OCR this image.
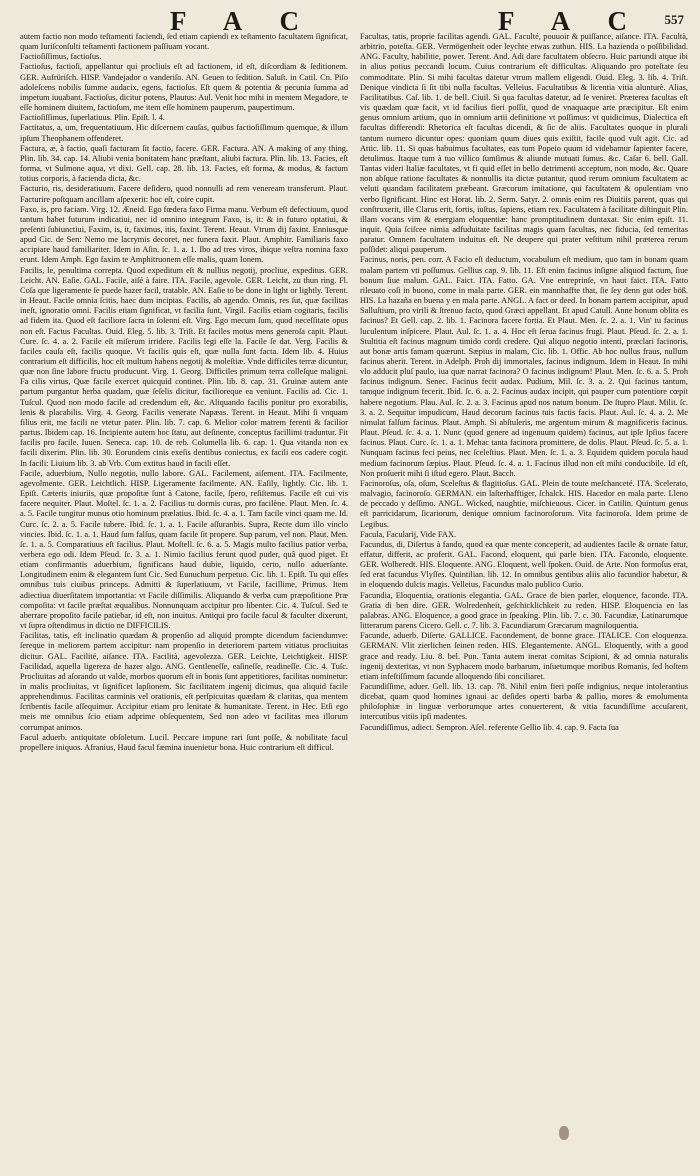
F A C	F A C 557

autem factio non modo teſtamenti faciendi, ſed etiam capiendi ex teſtamento facultatem ſignificat, quam Iuriſconſulti teſtamenti factionem paſſiuam vocant.

Factioſiſſimus, factioſus.

Factioſus, factioſi, appellantur qui procliuis eſt ad factionem, id eſt, diſcordiam & ſeditionem. GER. Aufrüriſch. HISP. Vandejador o vanderiſo. AN. Geuen to ſedition. Saluſt. in Catil. Cn. Piſo adoleſcens nobilis ſumme audacix, egens, factioſus. Eſt quem & potentia & pecunia ſumma ad impetum iuuabant. Factioſus, dicitur potens, Plautus: Aul. Venit hoc mihi in mentem Megadore, te eſſe hominem diuitem, factioſum, me item eſſe hominem pauperum, paupertimum.

Factioſiſſimus, ſuperlatiuus. Plin. Epiſt. l. 4.

Factitatus, a, um, frequentatiuum. Hic diſcernem cauſas, quibus factioſiſſimum quemque, & illum ipſum Theophanem offenderet.

Factura, æ, à factio, quaſi facturam ſit factio, facere. GER. Factura. AN. A making of any thing. Plin. lib. 34. cap. 14. Aliubi venia bonitatem hanc præſtant, aliubi factura. Plin. lib. 13. Facies, eſt forma, vt Sulmone aqua, vt dixi. Gell. cap. 28. lib. 13. Facies, eſt forma, & modus, & factum totius corporis, à facienda dicta, &c.

Facturio, ris, desideratiuum. Facere deſidero, quod nonnulli ad rem veneream transferunt. Plaut. Facturire poſtquam ancillam aſpexerit: hoc eſt, coire cupit.

Faxo, is, pro faciam. Virg. 12. Æneid. Ego fœdera faxo Firma manu. Verbum eſt defectiuum, quod tantum habet futurum indicatiui, nec id omnino integrum Faxo, is, it: & in futuro optatiui, & preſenti ſubiunctiui, Faxim, is, it, faximus, itis, faxint. Terent. Heaut. Vtrum dij faxint. Enniusque apud Cic. de Sen: Nemo me lacrymis decoret, nec funera faxit. Plaut. Amphitr. Familiaris faxo accipiare haud familiariter. Idem in Aſin. ſc. 1. a. 1. Ibo ad tres viros, ibique veſtra nomina faxo erunt. Idem Amph. Ego faxim te Amphitruonem eſſe malis, quam Ionem.

Facilis, le, penultima correpta. Quod expeditum eſt & nullius negotij, procliue, expeditus. GER. Leicht. AN. Eaſie. GAL. Facile, aiſé à faire. ITA. Facile, agevole. GER. Leicht, zu thun ring. Fl. Coſa que ligeramente ſe puede hazer facil, tratable. AN. Eaſie to be done in light or lightly. Terent. in Heaut. Facile omnia ſcitis, haec dum incipias. Facilis, ab agendo. Omnis, res ſut, quæ facilitas ineſt, ignoratio omni. Facilis etiam ſignificat, vt facilia ſunt, Virgil. Facilis etiam cogitaris, facilis ad fidem ita. Quod eſt faciliore ſacra in ſolenni eſt. Virg. Ego mecum ſum, quod neceſſitate opus non eſt. Factus Facultas. Ouid. Eleg. 5. lib. 3. Triſt. Et faciles motus mens generoſa capit. Plaut. Cure. ſc. 4. a. 2. Facile eſt miſerum irridere. Facilis legi eſſe la. Facile ſe dat. Verg. Facilis & faciles cauſa eſt, facilis quoque. Vt facilis quis eſt, quæ nulla ſunt facta. Idem lib. 4. Huius contrarium eſt difficilis, hoc eſt multum habens negotij & moleſtiæ. Vnde difficiles terræ dicuntur, quæ non ſine labore fructu producunt. Virg. 1. Georg. Difficiles primum terra colleſque maligni. Fa cilis virtus, Quæ facile exercet quicquid continet. Plin. lib. 8. cap. 31. Gruinæ autem ante partum purgantur herba quadam, quæ ſeſelis dicitur, facilioreque ea veniunt. Facilis ad. Cic. 1. Tuſcul. Quod non modo facile ad credendum eſt, &c. Aliquando facilis ponitur pro exorabilis, lenis & placabilis. Virg. 4. Georg. Facilis venerate Napæas. Terent. in Heaut. Mihi ſi vnquam filius erit, me facili ne vtetur pater. Plin. lib. 7. cap. 6. Melior color matrem ferenti & facilior partus. Ibidem cap. 16. Incipiente autem hoc ſtatu, aut deſinente, conceptus facillimi traduntur. Fit facilis pro facile. Iuuen. Seneca. cap. 10. de reb. Columella lib. 6. cap. 1. Qua vitanda non ex facili dixerim. Plin. lib. 30. Eorundem cinis exeſis dentibus coniectus, ex facili eos cadere cogit. In facili: Liuium lib. 3. ab Vrb. Cum extitus haud in facili eſſet.

Facile, aduerbium, Nullo negotio, nullo labore. GAL. Facilement, aiſement. ITA. Facilmente, agevolmente. GER. Leichtlich. HISP. Ligeramente facilmente. AN. Eaſily, lightly. Cic. lib. 1. Epiſt. Cæteris iniuriis, quæ propoſitæ ſunt à Catone, facile, ſpero, reſiſtemus. Facile eſt cui vis facere nequiter. Plaut. Moſtel. ſc. 1. a. 2. Facilius tu dormis curas, pro facilène. Plaut. Men. ſc. 4. a. 5. Facile tungitur munus otio hominum prælatius. Ibid. ſc. 4. a. 1. Tam facile vinci quam me. Id. Curc. ſc. 2. a. 5. Facile tubere. Ibid. ſc. 1. a. 1. Facile aſſuranbis. Supra, Recte dum illo vinclo vincies. Ibid. ſc. 1. a. 1. Haud ſum falſus, quam facile ſit propere. Sup parum, vel non. Plaut. Men. ſc. 1. a. 5. Comparatiuus eſt facilius. Plaut. Moſtell. ſc. 6. a. 5. Magis multo facilius patior verba, verbera ego odi. Idem Pſeud. ſc. 3. a. 1. Nimio facilius ferunt quod puder, quâ quod piget. Et etiam confirmantis aduerbium, ſignificans haud dubie, liquido, certo, nullo aduerſante. Longitudinem enim & elegantem ſunt Cic. Sed Eunuchum perpetuo. Cic. lib. 1. Epiſt. Tu qui eſſes omnibus tuis ciuibus princeps. Admitti & ſuperlatiuum, vt Facile, facillime, Primus. Item adiectiua diuerſitatem importantia: vt Facile diſſimilis. Aliquando & verba cum præpoſitione Præ compoſita: vt facile præſtat æqualibus. Nonnunquam accipitur pro libenter. Cic. 4. Tuſcul. Sed te aberrare propoſito facile patiebar, id eſt, non inuitus. Antiqui pro facile facul & faculter dixerunt, vt ſupra oſtendimus in dictio ne DIFFICILIS.

Facilitas, tatis, eſt inclinatio quædam & propenſio ad aliquid prompte dicendum faciendumve: ſereque in meliorem partem accipitur: nam propenſio in deteriorem partem vitiatus procliuitas dicitur. GAL. Facilité, aiſance. ITA. Facilità, agevolezza. GER. Leichte, Leichtigkeit. HISP. Facilidad, aquella ligereza de hazer algo. ANG. Gentleneſſe, eaſineſſe, readineſſe. Cic. 4. Tuſc. Procliuitas ad aſorando ut valde, morbos quorum eſt in bonis ſunt appetitiores, facilitas nominetur: in malis procliuitas, vt ſignificet lapſionem. Sic facilitatem ingenij dicimus, qua aliquid facile apprehendimus. Facilitas carminis vel orationis, eſt perſpicuitas quædam & claritas, qua mentem ſcribentis facile aſſequimur. Accipitur etiam pro lenitate & humanitate. Terent. in Hec. Etſi ego meis me omnibus ſcio etiam adprime obſequentem, Sed non adeo vt facilitas mea illorum corrumpat animos.

Facul aduerb. antiquitate obſoletum. Lucil. Peccare impune rari ſunt poſſe, & nobilitate facul propellere iniquos. Afranius, Haud facul fæmina inuenietur bona. Huic contrarium eſt difficul.

Facultas, tatis, proprie facilitas agendi. GAL. Faculté, pouuoir & puiſſance, aiſance. ITA. Facultà, arbitrio, poteſta. GER. Vermögenheit oder leychte etwas zuthun. HIS. La hazienda o poſſibilidad. ANG. Faculty, habilitie, power. Terent. And. Adi dare facultatem obſecro. Huic partundi atque ibi in alius potius peccandi locum. Cuius contrarium eſt difficultas. Aliquando pro poteſtate ſeu commoditate. Plin. Si mihi facultas datetur vtrum mallem eligendi. Ouid. Eleg. 3. lib. 4. Triſt. Denique vindicta ſi ſit tibi nulla facultas. Velleius. Facultatibus & licentia vitia alunturè. Alias, Facilitatibus. Caſ. lib. 1. de bell. Ciuil. Si qua facultas datetur, ad ſe veniret. Præterea facultas eſt vis quædam quæ facit, vt id facilius fieri poſſit, quod de vnaquaque arte præcipitur. Eſt enim genus omnium artium, quo in omnium artii definitione vt poſſimus: vt quidicimus, Dialectica eſt facultas differendi: Rhetorica eſt facultas dicendi, & ſic de aliis. Facultates quoque in plurali tantum numero dicuntur opes: quoniam quum diues quis exiſtit, facile quod vult agit. Cic. ad Attic. lib. 11. Si quas habuimus facultates, eas tum Popeio quum id videbamur ſapienter facere, detulimus. Itaque tum à tuo villico ſumſimus & aliunde mutuati ſumus. &c. Caſar 6. bell. Gall. Tantas videri Italiæ facultates, vt fi quid eſſet in bello detrimenti acceptum, non modo, &c. Quare non abſque ratione facultates & nonnullis ita dictæ putantur, quod rerum omnium facultatem ac veluti quandam facilitatem præbeant. Græcorum imitatione, qui facultatem & opulentiam vno verbo ſignificant. Hinc est Horat. lib. 2. Serm. Satyr. 2. omnis enim res Diuitiis parent, quas qui conſtruxerit, ille Clarus erit, fortis, iuſtus, ſapiens, etiam rex. Facultatem à facilitate diſtinguit Plin. illam vocans vim & energiam eloquentiæ: hanc promptitudinem duntaxat. Sic enim epiſt. 11. inquit. Quia ſciſcee nimia adfuduitate facilitas magis quam facultas, nec fiducia, ſed temeritas paratur. Omnem facultatem induitus eſt. Ne deupere qui prater veſtitum nihil præterea rerum poſſidet: aliqui pauperum.

Facinus, noris, pen. corr. A Facio eſt deductum, vocabulum eſt medium, quo tam in bonam quam malam partem vti poſſumus. Gellius cap. 9. lib. 11. Eſt enim facinus inſigne aliquod factum, ſiue bonum ſiue malum. GAL. Faict. ITA. Fatto. GA. Vne entreprinſe, vn haut faict. ITA. Fatto rileuato coſi in buono, come in mala parte. GER. ein mannhaffte that, ſie ſey denn gut oder böß. HIS. La hazaña en buena y en mala parte. ANGL. A fact or deed. In bonam partem accipitur, apud Salluſtium, pro virili & ſtrenuo facto, quod Græci appellant. Et apud Catull. Anne bonum oblita es facinus? Et Gell. cap. 2. lib. 1. Facinora facere fortia. Et Plaut. Men. ſc. 2. a. 1. Vin' tu facinus luculentum inſpicere. Plaut. Aul. ſc. 1. a. 4. Hoc eſt ſerua facinus frugi. Plaut. Pſeud. ſc. 2. a. 1. Stultitia eſt facinus magnum timido cordi credere. Qui aliquo negotio intenti, præclari facinoris, aut bonæ artis famam quærunt. Sæpius in malam, Cic. lib. 1. Offic. Ab hoc nullus fraus, nullum facinus aberit. Terent. in Adelph. Proh dij immortales, facinus indignum. Idem in Heaut. In mihi vlo adducit pluſ paulo, iua quæ narrat facinora? O facinus indignum! Plaut. Men. ſc. 6. a. 5. Proh facinus indignum. Senec. Facinus fecit audax. Pudium, Mil. ſc. 3. a. 2. Qui facinus tantum, tamque indignum fecerit. Ibid. ſc. 6. a. 2. Facinus audax incipit, qui pauper cum potentiore cœpit habere negotium. Plau. Aul. ſc. 2. a. 3. Facinus apud nos natum bonum. De ſtupro Plaut. Milit. ſc. 3. a. 2. Sequitur impudicum, Haud decorum facinus tuis factis facis. Plaut. Aul. ſc. 4. a. 2. Me nimulat falſum facinus. Plaut. Amph. Si abſtuleris, me argentum mirum & magnificeris facinus. Plaut. Pſeud. ſc. 4. a. 1. Nunc (quod genere ad ingenuum quidem) facinus, aut ipſe Ipſius facere facinus. Plaut. Curc. ſc. 1. a. 1. Mehac tanta facinora promittere, de dolis. Plaut. Pſeud. ſc. 5. a. 1. Nunquam facinus feci peius, nec ſceleſtius. Plaut. Men. ſc. 1. a. 3. Equidem quidem pocula haud medium facinorum ſæpius. Plaut. Pſeud. ſc. 4. a. 1. Facinus illud non eſt mihi conducibile. Id eſt, Non proſuerit mihi ſi iſtud egero. Plaut. Bacch.

Facinoroſus, oſa, oſum, Sceleſtus & flagitioſus. GAL. Plein de toute meſchanceté. ITA. Scelerato, malvagio, facinoroſo. GERMAN. ein laſterhafftiger, ſchalck. HIS. Hacedor en mala parte. Lleno de peccado y deſſimo. ANGL. Wicked, naughtie, miſchieuous. Cicer. in Catilin. Quintum genus eſt parricidarum, ſicariorum, denique omnium facinoroſorum. Vita facinoroſa. Idem prime de Legibus.

Facula, Facularij, Vide FAX.

Facundus, di, Diſertus à fando, quod ea quæ mente conceperit, ad audientes facile & ornate fatur, effatur, differit, ac proferit. GAL. Facond, eloquent, qui parle bien. ITA. Facondo, eloquente. GER. Wolberedt. HIS. Eloquente. ANG. Eloquent, well ſpoken. Ouid. de Arte. Non formoſus erat, ſed erat facundus Vlyſſes. Quintilian. lib. 12. In omnibus gentibus aliis alio facundior habetur, & in eloquendo dulcis magis. Velleius, Facundus malo publico Curio.

Facundia, Eloquentia, orationis elegantia. GAL. Grace de bien parler, eloquence, faconde. ITA. Gratia di ben dire. GER. Wolredenheit, geſchicklichkeit zu reden. HISP. Eloquencia en las palabras. ANG. Eloquence, a good grace in ſpeaking. Plin. lib. 7. c. 30. Facundiæ, Latinarumque litterarum parens Cicero. Gell. c. 7. lib. 3. Facundiarum Græcarum magniloquentia.

Facunde, aduerb. Diſerte. GALLICE. Facondement, de bonne grace. ITALICE. Con eloquenza. GERMAN. Vlit zierlichen ſeinen reden. HIS. Elegantemente. ANGL. Eloquently, with a good grace and ready. Liu. 8. bel. Pun. Tanta autem inerat comitas Scipioni, & ad omnia naturalis ingenij dexteritas, vt non Syphacem modo barbarum, inſuetumque moribus Romanis, ſed hoſtem etiam infeſtiſſimum facunde alloquendo ſibi conciliaret.

Facundiſſime, aduer. Gell. lib. 13. cap. 78. Nihil enim fieri poſſe indignius, neque intolerantius dicebat, quam quod homines ignaui ac deſides operti barba & pallio, mores & emolumenta philoſophiæ in linguæ verborumque artes conuerterent, & vitia facundiſſime accuſarent, intercutibus vitiis ipſi madentes.

Facundiſſimus, adiect. Sempron. Aſel. referente Gellio lib. 4. cap. 9. Facta ſua
